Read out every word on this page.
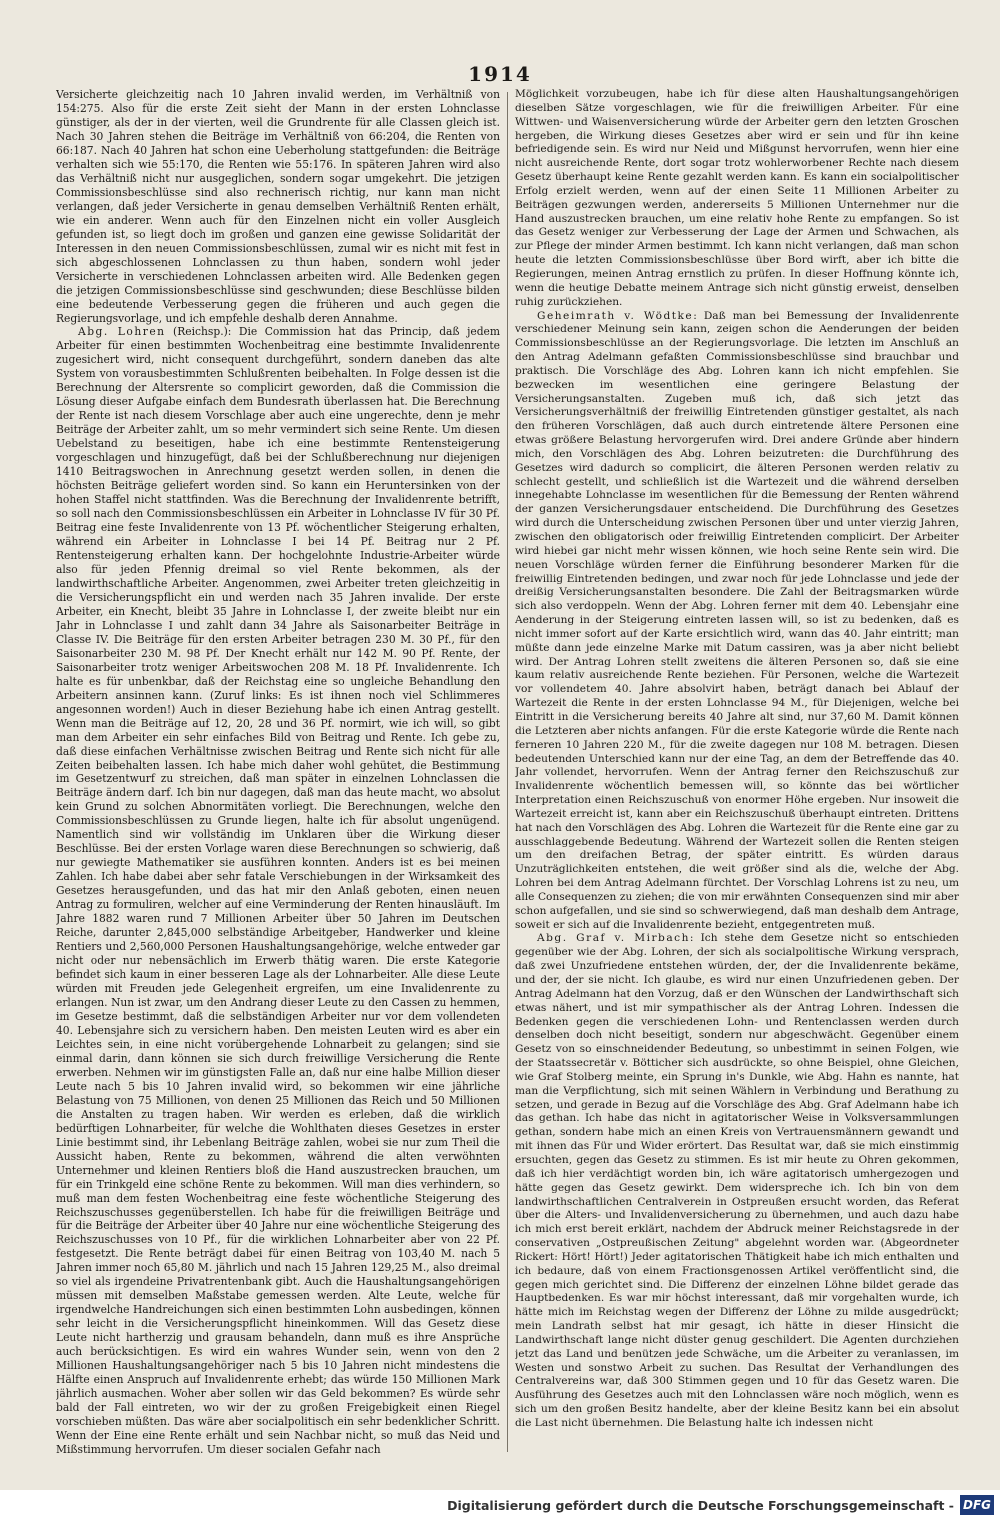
1914

Versicherte gleichzeitig nach 10 Jahren invalid werden, im Verhältniß von 154:275. Also für die erste Zeit sieht der Mann in der ersten Lohnclasse günstiger, als der in der vierten, weil die Grundrente für alle Classen gleich ist. Nach 30 Jahren stehen die Beiträge im Verhältniß von 66:204, die Renten von 66:187. Nach 40 Jahren hat schon eine Ueberholung stattgefunden: die Beiträge verhalten sich wie 55:170, die Renten wie 55:176. In späteren Jahren wird also das Verhältniß nicht nur ausgeglichen, sondern sogar umgekehrt. Die jetzigen Commissionsbeschlüsse sind also rechnerisch richtig, nur kann man nicht verlangen, daß jeder Versicherte in genau demselben Verhältniß Renten erhält, wie ein anderer. Wenn auch für den Einzelnen nicht ein voller Ausgleich gefunden ist, so liegt doch im großen und ganzen eine gewisse Solidarität der Interessen in den neuen Commissionsbeschlüssen, zumal wir es nicht mit fest in sich abgeschlossenen Lohnclassen zu thun haben, sondern wohl jeder Versicherte in verschiedenen Lohnclassen arbeiten wird. Alle Bedenken gegen die jetzigen Commissionsbeschlüsse sind geschwunden; diese Beschlüsse bilden eine bedeutende Verbesserung gegen die früheren und auch gegen die Regierungsvorlage, und ich empfehle deshalb deren Annahme.

Abg. Lohren (Reichsp.): Die Commission hat das Princip, daß jedem Arbeiter für einen bestimmten Wochenbeitrag eine bestimmte Invalidenrente zugesichert wird, nicht consequent durchgeführt, sondern daneben das alte System von vorausbestimmten Schlußrenten beibehalten. In Folge dessen ist die Berechnung der Altersrente so complicirt geworden, daß die Commission die Lösung dieser Aufgabe einfach dem Bundesrath überlassen hat. Die Berechnung der Rente ist nach diesem Vorschlage aber auch eine ungerechte, denn je mehr Beiträge der Arbeiter zahlt, um so mehr vermindert sich seine Rente. Um diesen Uebelstand zu beseitigen, habe ich eine bestimmte Rentensteigerung vorgeschlagen und hinzugefügt, daß bei der Schlußberechnung nur diejenigen 1410 Beitragswochen in Anrechnung gesetzt werden sollen, in denen die höchsten Beiträge geliefert worden sind. So kann ein Heruntersinken von der hohen Staffel nicht stattfinden. Was die Berechnung der Invalidenrente betrifft, so soll nach den Commissionsbeschlüssen ein Arbeiter in Lohnclasse IV für 30 Pf. Beitrag eine feste Invalidenrente von 13 Pf. wöchentlicher Steigerung erhalten, während ein Arbeiter in Lohnclasse I bei 14 Pf. Beitrag nur 2 Pf. Rentensteigerung erhalten kann. Der hochgelohnte Industrie-Arbeiter würde also für jeden Pfennig dreimal so viel Rente bekommen, als der landwirthschaftliche Arbeiter. Angenommen, zwei Arbeiter treten gleichzeitig in die Versicherungspflicht ein und werden nach 35 Jahren invalide. Der erste Arbeiter, ein Knecht, bleibt 35 Jahre in Lohnclasse I, der zweite bleibt nur ein Jahr in Lohnclasse I und zahlt dann 34 Jahre als Saisonarbeiter Beiträge in Classe IV. Die Beiträge für den ersten Arbeiter betragen 230 M. 30 Pf., für den Saisonarbeiter 230 M. 98 Pf. Der Knecht erhält nur 142 M. 90 Pf. Rente, der Saisonarbeiter trotz weniger Arbeitswochen 208 M. 18 Pf. Invalidenrente. Ich halte es für unbenkbar, daß der Reichstag eine so ungleiche Behandlung den Arbeitern ansinnen kann. (Zuruf links: Es ist ihnen noch viel Schlimmeres angesonnen worden!) Auch in dieser Beziehung habe ich einen Antrag gestellt. Wenn man die Beiträge auf 12, 20, 28 und 36 Pf. normirt, wie ich will, so gibt man dem Arbeiter ein sehr einfaches Bild von Beitrag und Rente. Ich gebe zu, daß diese einfachen Verhältnisse zwischen Beitrag und Rente sich nicht für alle Zeiten beibehalten lassen. Ich habe mich daher wohl gehütet, die Bestimmung im Gesetzentwurf zu streichen, daß man später in einzelnen Lohnclassen die Beiträge ändern darf. Ich bin nur dagegen, daß man das heute macht, wo absolut kein Grund zu solchen Abnormitäten vorliegt. Die Berechnungen, welche den Commissionsbeschlüssen zu Grunde liegen, halte ich für absolut ungenügend. Namentlich sind wir vollständig im Unklaren über die Wirkung dieser Beschlüsse. Bei der ersten Vorlage waren diese Berechnungen so schwierig, daß nur gewiegte Mathematiker sie ausführen konnten. Anders ist es bei meinen Zahlen. Ich habe dabei aber sehr fatale Verschiebungen in der Wirksamkeit des Gesetzes herausgefunden, und das hat mir den Anlaß geboten, einen neuen Antrag zu formuliren, welcher auf eine Verminderung der Renten hinausläuft. Im Jahre 1882 waren rund 7 Millionen Arbeiter über 50 Jahren im Deutschen Reiche, darunter 2,845,000 selbständige Arbeitgeber, Handwerker und kleine Rentiers und 2,560,000 Personen Haushaltungsangehörige, welche entweder gar nicht oder nur nebensächlich im Erwerb thätig waren. Die erste Kategorie befindet sich kaum in einer besseren Lage als der Lohnarbeiter. Alle diese Leute würden mit Freuden jede Gelegenheit ergreifen, um eine Invalidenrente zu erlangen. Nun ist zwar, um den Andrang dieser Leute zu den Cassen zu hemmen, im Gesetze bestimmt, daß die selbständigen Arbeiter nur vor dem vollendeten 40. Lebensjahre sich zu versichern haben. Den meisten Leuten wird es aber ein Leichtes sein, in eine nicht vorübergehende Lohnarbeit zu gelangen; sind sie einmal darin, dann können sie sich durch freiwillige Versicherung die Rente erwerben. Nehmen wir im günstigsten Falle an, daß nur eine halbe Million dieser Leute nach 5 bis 10 Jahren invalid wird, so bekommen wir eine jährliche Belastung von 75 Millionen, von denen 25 Millionen das Reich und 50 Millionen die Anstalten zu tragen haben. Wir werden es erleben, daß die wirklich bedürftigen Lohnarbeiter, für welche die Wohlthaten dieses Gesetzes in erster Linie bestimmt sind, ihr Lebenlang Beiträge zahlen, wobei sie nur zum Theil die Aussicht haben, Rente zu bekommen, während die alten verwöhnten Unternehmer und kleinen Rentiers bloß die Hand auszustrecken brauchen, um für ein Trinkgeld eine schöne Rente zu bekommen. Will man dies verhindern, so muß man dem festen Wochenbeitrag eine feste wöchentliche Steigerung des Reichszuschusses gegenüberstellen. Ich habe für die freiwilligen Beiträge und für die Beiträge der Arbeiter über 40 Jahre nur eine wöchentliche Steigerung des Reichszuschusses von 10 Pf., für die wirklichen Lohnarbeiter aber von 22 Pf. festgesetzt. Die Rente beträgt dabei für einen Beitrag von 103,40 M. nach 5 Jahren immer noch 65,80 M. jährlich und nach 15 Jahren 129,25 M., also dreimal so viel als irgendeine Privatrentenbank gibt. Auch die Haushaltungsangehörigen müssen mit demselben Maßstabe gemessen werden. Alte Leute, welche für irgendwelche Handreichungen sich einen bestimmten Lohn ausbedingen, können sehr leicht in die Versicherungspflicht hineinkommen. Will das Gesetz diese Leute nicht hartherzig und grausam behandeln, dann muß es ihre Ansprüche auch berücksichtigen. Es wird ein wahres Wunder sein, wenn von den 2 Millionen Haushaltungsangehöriger nach 5 bis 10 Jahren nicht mindestens die Hälfte einen Anspruch auf Invalidenrente erhebt; das würde 150 Millionen Mark jährlich ausmachen. Woher aber sollen wir das Geld bekommen? Es würde sehr bald der Fall eintreten, wo wir der zu großen Freigebigkeit einen Riegel vorschieben müßten. Das wäre aber socialpolitisch ein sehr bedenklicher Schritt. Wenn der Eine eine Rente erhält und sein Nachbar nicht, so muß das Neid und Mißstimmung hervorrufen. Um dieser socialen Gefahr nach

Möglichkeit vorzubeugen, habe ich für diese alten Haushaltungsangehörigen dieselben Sätze vorgeschlagen, wie für die freiwilligen Arbeiter. Für eine Wittwen- und Waisenversicherung würde der Arbeiter gern den letzten Groschen hergeben, die Wirkung dieses Gesetzes aber wird er sein und für ihn keine befriedigende sein. Es wird nur Neid und Mißgunst hervorrufen, wenn hier eine nicht ausreichende Rente, dort sogar trotz wohlerworbener Rechte nach diesem Gesetz überhaupt keine Rente gezahlt werden kann. Es kann ein socialpolitischer Erfolg erzielt werden, wenn auf der einen Seite 11 Millionen Arbeiter zu Beiträgen gezwungen werden, andererseits 5 Millionen Unternehmer nur die Hand auszustrecken brauchen, um eine relativ hohe Rente zu empfangen. So ist das Gesetz weniger zur Verbesserung der Lage der Armen und Schwachen, als zur Pflege der minder Armen bestimmt. Ich kann nicht verlangen, daß man schon heute die letzten Commissionsbeschlüsse über Bord wirft, aber ich bitte die Regierungen, meinen Antrag ernstlich zu prüfen. In dieser Hoffnung könnte ich, wenn die heutige Debatte meinem Antrage sich nicht günstig erweist, denselben ruhig zurückziehen.

Geheimrath v. Wödtke: Daß man bei Bemessung der Invalidenrente verschiedener Meinung sein kann, zeigen schon die Aenderungen der beiden Commissionsbeschlüsse an der Regierungsvorlage. Die letzten im Anschluß an den Antrag Adelmann gefaßten Commissionsbeschlüsse sind brauchbar und praktisch. Die Vorschläge des Abg. Lohren kann ich nicht empfehlen. Sie bezwecken im wesentlichen eine geringere Belastung der Versicherungsanstalten. Zugeben muß ich, daß sich jetzt das Versicherungsverhältniß der freiwillig Eintretenden günstiger gestaltet, als nach den früheren Vorschlägen, daß auch durch eintretende ältere Personen eine etwas größere Belastung hervorgerufen wird. Drei andere Gründe aber hindern mich, den Vorschlägen des Abg. Lohren beizutreten: die Durchführung des Gesetzes wird dadurch so complicirt, die älteren Personen werden relativ zu schlecht gestellt, und schließlich ist die Wartezeit und die während derselben innegehabte Lohnclasse im wesentlichen für die Bemessung der Renten während der ganzen Versicherungsdauer entscheidend. Die Durchführung des Gesetzes wird durch die Unterscheidung zwischen Personen über und unter vierzig Jahren, zwischen den obligatorisch oder freiwillig Eintretenden complicirt. Der Arbeiter wird hiebei gar nicht mehr wissen können, wie hoch seine Rente sein wird. Die neuen Vorschläge würden ferner die Einführung besonderer Marken für die freiwillig Eintretenden bedingen, und zwar noch für jede Lohnclasse und jede der dreißig Versicherungsanstalten besondere. Die Zahl der Beitragsmarken würde sich also verdoppeln. Wenn der Abg. Lohren ferner mit dem 40. Lebensjahr eine Aenderung in der Steigerung eintreten lassen will, so ist zu bedenken, daß es nicht immer sofort auf der Karte ersichtlich wird, wann das 40. Jahr eintritt; man müßte dann jede einzelne Marke mit Datum cassiren, was ja aber nicht beliebt wird. Der Antrag Lohren stellt zweitens die älteren Personen so, daß sie eine kaum relativ ausreichende Rente beziehen. Für Personen, welche die Wartezeit vor vollendetem 40. Jahre absolvirt haben, beträgt danach bei Ablauf der Wartezeit die Rente in der ersten Lohnclasse 94 M., für Diejenigen, welche bei Eintritt in die Versicherung bereits 40 Jahre alt sind, nur 37,60 M. Damit können die Letzteren aber nichts anfangen. Für die erste Kategorie würde die Rente nach ferneren 10 Jahren 220 M., für die zweite dagegen nur 108 M. betragen. Diesen bedeutenden Unterschied kann nur der eine Tag, an dem der Betreffende das 40. Jahr vollendet, hervorrufen. Wenn der Antrag ferner den Reichszuschuß zur Invalidenrente wöchentlich bemessen will, so könnte das bei wörtlicher Interpretation einen Reichszuschuß von enormer Höhe ergeben. Nur insoweit die Wartezeit erreicht ist, kann aber ein Reichszuschuß überhaupt eintreten. Drittens hat nach den Vorschlägen des Abg. Lohren die Wartezeit für die Rente eine gar zu ausschlaggebende Bedeutung. Während der Wartezeit sollen die Renten steigen um den dreifachen Betrag, der später eintritt. Es würden daraus Unzuträglichkeiten entstehen, die weit größer sind als die, welche der Abg. Lohren bei dem Antrag Adelmann fürchtet. Der Vorschlag Lohrens ist zu neu, um alle Consequenzen zu ziehen; die von mir erwähnten Consequenzen sind mir aber schon aufgefallen, und sie sind so schwerwiegend, daß man deshalb dem Antrage, soweit er sich auf die Invalidenrente bezieht, entgegentreten muß.

Abg. Graf v. Mirbach: Ich stehe dem Gesetze nicht so entschieden gegenüber wie der Abg. Lohren, der sich als socialpolitische Wirkung versprach, daß zwei Unzufriedene entstehen würden, der, der die Invalidenrente bekäme, und der, der sie nicht. Ich glaube, es wird nur einen Unzufriedenen geben. Der Antrag Adelmann hat den Vorzug, daß er den Wünschen der Landwirthschaft sich etwas nähert, und ist mir sympathischer als der Antrag Lohren. Indessen die Bedenken gegen die verschiedenen Lohn- und Rentenclassen werden durch denselben doch nicht beseitigt, sondern nur abgeschwächt. Gegenüber einem Gesetz von so einschneidender Bedeutung, so unbestimmt in seinen Folgen, wie der Staatssecretär v. Bötticher sich ausdrückte, so ohne Beispiel, ohne Gleichen, wie Graf Stolberg meinte, ein Sprung in's Dunkle, wie Abg. Hahn es nannte, hat man die Verpflichtung, sich mit seinen Wählern in Verbindung und Berathung zu setzen, und gerade in Bezug auf die Vorschläge des Abg. Graf Adelmann habe ich das gethan. Ich habe das nicht in agitatorischer Weise in Volksversammlungen gethan, sondern habe mich an einen Kreis von Vertrauensmännern gewandt und mit ihnen das Für und Wider erörtert. Das Resultat war, daß sie mich einstimmig ersuchten, gegen das Gesetz zu stimmen. Es ist mir heute zu Ohren gekommen, daß ich hier verdächtigt worden bin, ich wäre agitatorisch umhergezogen und hätte gegen das Gesetz gewirkt. Dem widerspreche ich. Ich bin von dem landwirthschaftlichen Centralverein in Ostpreußen ersucht worden, das Referat über die Alters- und Invalidenversicherung zu übernehmen, und auch dazu habe ich mich erst bereit erklärt, nachdem der Abdruck meiner Reichstagsrede in der conservativen „Ostpreußischen Zeitung" abgelehnt worden war. (Abgeordneter Rickert: Hört! Hört!) Jeder agitatorischen Thätigkeit habe ich mich enthalten und ich bedaure, daß von einem Fractionsgenossen Artikel veröffentlicht sind, die gegen mich gerichtet sind. Die Differenz der einzelnen Löhne bildet gerade das Hauptbedenken. Es war mir höchst interessant, daß mir vorgehalten wurde, ich hätte mich im Reichstag wegen der Differenz der Löhne zu milde ausgedrückt; mein Landrath selbst hat mir gesagt, ich hätte in dieser Hinsicht die Landwirthschaft lange nicht düster genug geschildert. Die Agenten durchziehen jetzt das Land und benützen jede Schwäche, um die Arbeiter zu veranlassen, im Westen und sonstwo Arbeit zu suchen. Das Resultat der Verhandlungen des Centralvereins war, daß 300 Stimmen gegen und 10 für das Gesetz waren. Die Ausführung des Gesetzes auch mit den Lohnclassen wäre noch möglich, wenn es sich um den großen Besitz handelte, aber der kleine Besitz kann bei ein absolut die Last nicht übernehmen. Die Belastung halte ich indessen nicht

Digitalisierung gefördert durch die Deutsche Forschungsgemeinschaft - DFG
